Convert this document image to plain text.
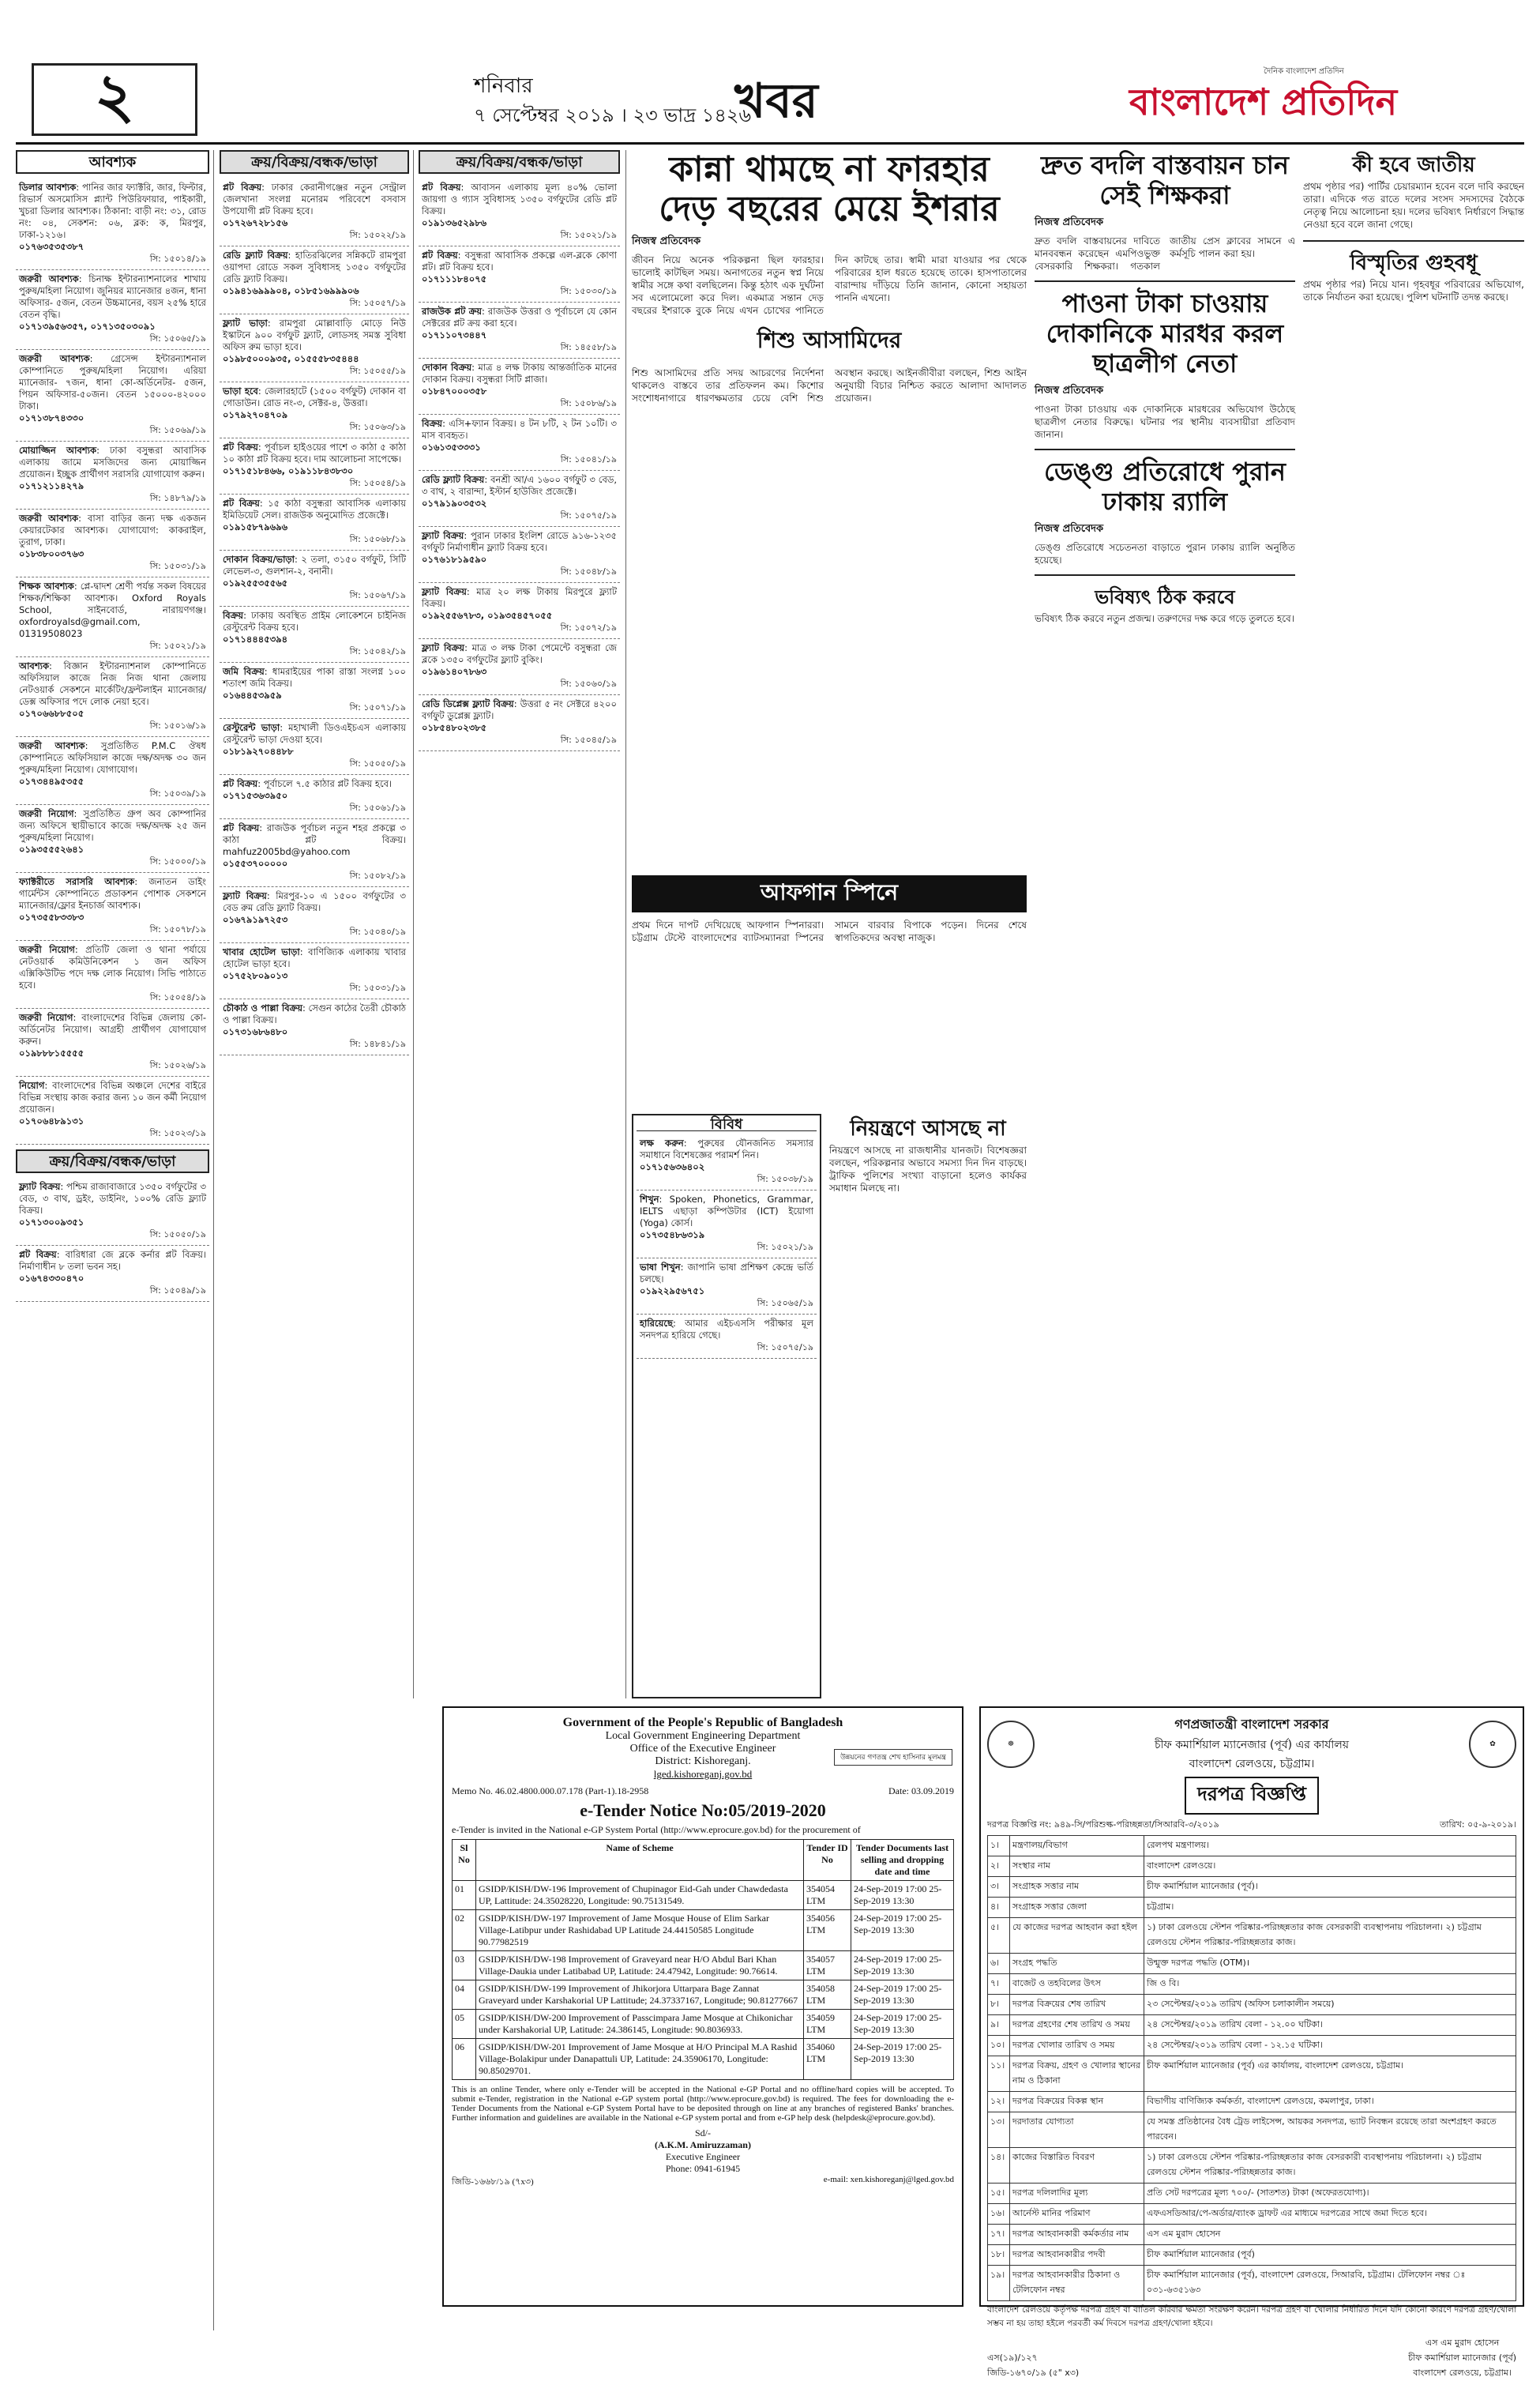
২	শনিবার
৭ সেপ্টেম্বর ২০১৯ । ২৩ ভাদ্র ১৪২৬
খবর
দৈনিক বাংলাদেশ প্রতিদিন
বাংলাদেশ প্রতিদিন
আবশ্যক
ডিলার আবশ্যক: পানির জার ফ্যাক্টরি, জার, ফিল্টার, রিভার্স অসমোসিস প্ল্যান্ট পিউরিফায়ার, পাইকারী, খুচরা ডিলার আবশ্যক। ঠিকানা: বাড়ী নং: ৩১, রোড নং: ০৪, সেকশন: ০৬, ব্লক: ক, মিরপুর, ঢাকা-১২১৬।
০১৭৬৩৫৩৫৩৮৭
সি: ১৫০১৪/১৯
জরুরী আবশ্যক: চিনাক্ষ ইন্টারন্যাশনালের শাখায় পুরুষ/মহিলা নিয়োগ। জুনিয়র ম্যানেজার ৪জন, ধানা অফিসার- ৫জন, বেতন উচ্চমানের, বয়স ২৫% হারে বেতন বৃদ্ধি।
০১৭১৩৯৫৬৩৫৭, ০১৭১৩৫০৩০৯১
সি: ১৫০৬৫/১৯
জরুরী আবশ্যক: গ্রেসেন্স ইন্টারন্যাশনাল কোম্পানিতে পুরুষ/মহিলা নিয়োগ। এরিয়া ম্যানেজার- ৭জন, ধানা কো-অর্ডিনেটর- ৫জন, পিয়ন অফিসার-৫০জন। বেতন ১৫০০০-৪২০০০ টাকা।
০১৭১৩৮৭৪৩৩০
সি: ১৫০৬৯/১৯
মোয়াজ্জিন আবশ্যক: ঢাকা বসুন্ধরা আবাসিক এলাকায় জামে মসজিদের জন্য মোয়াজ্জিন প্রয়োজন। ইচ্ছুক প্রার্থীগণ সরাসরি যোগাযোগ করুন।
০১৭১২১১৪২৭৯
সি: ১৪৮৭৯/১৯
জরুরী আবশ্যক: বাসা বাড়ির জন্য দক্ষ একজন কেয়ারটেকার আবশ্যক। যোগাযোগ: কাকরাইল, তুরাগ, ঢাকা।
০১৮৩৮০০৩৭৬৩
সি: ১৫০৩১/১৯
শিক্ষক আবশ্যক: প্লে-দ্বাদশ শ্রেণী পর্যন্ত সকল বিষয়ের শিক্ষক/শিক্ষিকা আবশ্যক। Oxford Royals School, সাইনবোর্ড, নারায়ণগঞ্জ। oxfordroyalsd@gmail.com, 01319508023
সি: ১৫০২১/১৯
আবশ্যক: বিজ্ঞান ইন্টারন্যাশনাল কোম্পানিতে অফিসিয়াল কাজে নিজ নিজ থানা জেলায় নেটওয়ার্ক সেকশনে মার্কেটিং/ফ্রন্টলাইন ম্যানেজার/ডেক্স অফিসার পদে লোক নেয়া হবে।
০১৭০৬৬৮৮৫০৫
সি: ১৫০১৬/১৯
জরুরী আবশ্যক: সুপ্রতিষ্ঠিত P.M.C ঔষধ কোম্পানিতে অফিসিয়াল কাজে দক্ষ/অদক্ষ ৩০ জন পুরুষ/মহিলা নিয়োগ। যোগাযোগ।
০১৭৩৪৪৯৫৩৫৫
সি: ১৫০৩৯/১৯
জরুরী নিয়োগ: সুপ্রতিষ্ঠিত গ্রুপ অব কোম্পানির জন্য অফিসে স্থায়ীভাবে কাজে দক্ষ/অদক্ষ ২৫ জন পুরুষ/মহিলা নিয়োগ।
০১৯৩৫৫৫২৬৪১
সি: ১৫০০০/১৯
ফ্যাক্টরীতে সরাসরি আবশ্যক: জনাতন ডাইং গার্মেন্টস কোম্পানিতে প্রডাকশন পোশাক সেকশনে ম্যানেজার/ফ্লোর ইনচার্জ আবশ্যক।
০১৭৩৫৫৮৩৩৮৩
সি: ১৫০৭৮/১৯
জরুরী নিয়োগ: প্রতিটি জেলা ও থানা পর্যায়ে নেটওয়ার্ক কমিউনিকেশন ১ জন অফিস এক্সিকিউটিভ পদে দক্ষ লোক নিয়োগ। সিভি পাঠাতে হবে।
সি: ১৫০৫৪/১৯
জরুরী নিয়োগ: বাংলাদেশের বিভিন্ন জেলায় কো-অর্ডিনেটর নিয়োগ। আগ্রহী প্রার্থীগণ যোগাযোগ করুন।
০১৯৮৮৮১৫৫৫৫
সি: ১৫০২৬/১৯
নিয়োগ: বাংলাদেশের বিভিন্ন অঞ্চলে দেশের বাইরে বিভিন্ন সংস্থায় কাজ করার জন্য ১০ জন কর্মী নিয়োগ প্রয়োজন।
০১৭০৬৪৮৯১৩১
সি: ১৫০২৩/১৯
ক্রয়/বিক্রয়/বন্ধক/ভাড়া
ফ্ল্যাট বিক্রয়: পশ্চিম রাজাবাজারে ১৩৫০ বর্গফুটের ৩ বেড, ৩ বাথ, ড্রইং, ডাইনিং, ১০০% রেডি ফ্ল্যাট বিক্রয়।
০১৭১৩০০৯৩৫১
সি: ১৫০৫০/১৯
প্লট বিক্রয়: বারিধারা জে ব্লকে কর্নার প্লট বিক্রয়। নির্মাণাধীন ৮ তলা ভবন সহ।
০১৬৭৪৩৩০৪৭০
সি: ১৫০৪৯/১৯
ক্রয়/বিক্রয়/বন্ধক/ভাড়া
প্লট বিক্রয়: ঢাকার কেরানীগঞ্জের নতুন সেন্ট্রাল জেলখানা সংলগ্ন মনোরম পরিবেশে বসবাস উপযোগী প্লট বিক্রয় হবে।
০১৭২৬৭২৮১৫৬
সি: ১৫০২২/১৯
রেডি ফ্ল্যাট বিক্রয়: হাতিরঝিলের সন্নিকটে রামপুরা ওয়াপদা রোডে সকল সুবিধাসহ ১৩৫০ বর্গফুটের রেডি ফ্ল্যাট বিক্রয়।
০১৯৪১৬৯৯৯০৪, ০১৮৫১৬৯৯৯০৬
সি: ১৫০৫৭/১৯
ফ্ল্যাট ভাড়া: রামপুরা মোল্লাবাড়ি মোড়ে নিউ ইস্কাটনে ৯০০ বর্গফুট ফ্ল্যাট, লোডসহ সমস্ত সুবিধা অফিস রুম ভাড়া হবে।
০১৯৮৫০০০৯৩৫, ০১৫৫৫৮৩৫৪৪৪
সি: ১৫০৫৫/১৯
ভাড়া হবে: জেলারহাটে (১৫০০ বর্গফুট) দোকান বা গোডাউন। রোড নং-৩, সেক্টর-৪, উত্তরা।
০১৭৯২৭০৪৭০৯
সি: ১৫০৬৩/১৯
প্লট বিক্রয়: পূর্বাচল হাইওয়ের পাশে ৩ কাঠা ৫ কাঠা ১০ কাঠা প্লট বিক্রয় হবে। দাম আলোচনা সাপেক্ষে।
০১৭১৫১৮৪৬৬, ০১৯১১৮৪৩৮৩০
সি: ১৫০৫৪/১৯
প্লট বিক্রয়: ১৫ কাঠা বসুন্ধরা আবাসিক এলাকায় ইমিডিয়েট সেল। রাজউক অনুমোদিত প্রজেক্টে।
০১৯১৫৮৭৯৬৯৬
সি: ১৫০৬৮/১৯
দোকান বিক্রয়/ভাড়া: ২ তলা, ৩১৫০ বর্গফুট, সিটি লেভেল-৩, গুলশান-২, বনানী।
০১৯২৫৫৩৫৫৬৫
সি: ১৫০৬৭/১৯
বিক্রয়: ঢাকায় অবস্থিত প্রাইম লোকেশনে চাইনিজ রেস্টুরেন্ট বিক্রয় হবে।
০১৭১৪৪৪৫৩৯৪
সি: ১৫০৪২/১৯
জমি বিক্রয়: ধামরাইয়ের পাকা রাস্তা সংলগ্ন ১০০ শতাংশ জমি বিক্রয়।
০১৬৪৪৫৩৯৫৯
সি: ১৫০৭১/১৯
রেস্টুরেন্ট ভাড়া: মহাখালী ডিওএইচএস এলাকায় রেস্টুরেন্ট ভাড়া দেওয়া হবে।
০১৮১৯২৭০৪৪৮৮
সি: ১৫০৫০/১৯
প্লট বিক্রয়: পূর্বাচলে ৭.৫ কাঠার প্লট বিক্রয় হবে।
০১৭১৫৩৬৩৯৫০
সি: ১৫০৬১/১৯
প্লট বিক্রয়: রাজউক পূর্বাচল নতুন শহর প্রকল্পে ৩ কাঠা প্লট বিক্রয়। mahfuz2005bd@yahoo.com
০১৫৫৩৭০০০০০
সি: ১৫০৮২/১৯
ফ্ল্যাট বিক্রয়: মিরপুর-১০ এ ১৫০০ বর্গফুটের ৩ বেড রুম রেডি ফ্ল্যাট বিক্রয়।
০১৬৭৯১৯৭২৫৩
সি: ১৫০৪০/১৯
খাবার হোটেল ভাড়া: বাণিজ্যিক এলাকায় খাবার হোটেল ভাড়া হবে।
০১৭৫২৮০৯০১৩
সি: ১৫০৩১/১৯
চৌকাঠ ও পাল্লা বিক্রয়: সেগুন কাঠের তৈরী চৌকাঠ ও পাল্লা বিক্রয়।
০১৭৩১৬৮৬৪৮০
সি: ১৪৮৪১/১৯
ক্রয়/বিক্রয়/বন্ধক/ভাড়া
প্লট বিক্রয়: আবাসন এলাকায় মূল্য ৪০% ভোলা জায়গা ও গ্যাস সুবিধাসহ ১৩৫০ বর্গফুটের রেডি প্লট বিক্রয়।
০১৯১৩৬৫২৯৮৬
সি: ১৫০২১/১৯
প্লট বিক্রয়: বসুন্ধরা আবাসিক প্রকল্পে এল-ব্লকে কোণা প্লট। প্লট বিক্রয় হবে।
০১৭১১১৮৪০৭৫
সি: ১৫০৩০/১৯
রাজউক প্লট ক্রয়: রাজউক উত্তরা ও পূর্বাচলে যে কোন সেক্টরের প্লট ক্রয় করা হবে।
০১৭১১০৭৩৪৪৭
সি: ১৪৫৫৮/১৯
দোকান বিক্রয়: মাত্র ৪ লক্ষ টাকায় আন্তর্জাতিক মানের দোকান বিক্রয়। বসুন্ধরা সিটি প্লাজা।
০১৮৪৭০০০৩৫৮
সি: ১৫০৮৬/১৯
বিক্রয়: এসি+ফ্যান বিক্রয়। ৪ টন ৮টি, ২ টন ১০টি। ৩ মাস ব্যবহৃত।
০১৬১৩৫৩৩৩১
সি: ১৫০৪১/১৯
রেডি ফ্ল্যাট বিক্রয়: বনশ্রী আ/এ ১৬০০ বর্গফুট ৩ বেড, ৩ বাথ, ২ বারান্দা, ইস্টার্ন হাউজিং প্রজেক্টে।
০১৭৯১৯০৩৫৩২
সি: ১৫০৭৫/১৯
ফ্ল্যাট বিক্রয়: পুরান ঢাকার ইংলিশ রোডে ৯১৬-১২৩৫ বর্গফুট নির্মাণাধীন ফ্ল্যাট বিক্রয় হবে।
০১৭৬১৮১৯৫৯০
সি: ১৫০৪৮/১৯
ফ্ল্যাট বিক্রয়: মাত্র ২০ লক্ষ টাকায় মিরপুরে ফ্ল্যাট বিক্রয়।
০১৯২৫৫৬৭৮৩, ০১৯৩৫৪৫৭০৫৫
সি: ১৫০৭২/১৯
ফ্ল্যাট বিক্রয়: মাত্র ৩ লক্ষ টাকা পেমেন্টে বসুন্ধরা জে ব্লকে ১৩৫০ বর্গফুটের ফ্ল্যাট বুকিং।
০১৯৬১৪০৭৮৬৩
সি: ১৫০৬০/১৯
রেডি ডিপ্লেক্স ফ্ল্যাট বিক্রয়: উত্তরা ৫ নং সেক্টরে ৪২০০ বর্গফুট ডুপ্লেক্স ফ্ল্যাট।
০১৮৫৪৮০২৩৮৫
সি: ১৫০৪৫/১৯
কান্না থামছে না ফারহার
দেড় বছরের মেয়ে ইশরার
নিজস্ব প্রতিবেদক
জীবন নিয়ে অনেক পরিকল্পনা ছিল ফারহার। ভালোই কাটছিল সময়। অনাগতের নতুন স্বপ্ন নিয়ে স্বামীর সঙ্গে কথা বলছিলেন। কিন্তু হঠাৎ এক দুর্ঘটনা সব এলোমেলো করে দিল। একমাত্র সন্তান দেড় বছরের ইশরাকে বুকে নিয়ে এখন চোখের পানিতে দিন কাটছে তার। স্বামী মারা যাওয়ার পর থেকে পরিবারের হাল ধরতে হয়েছে তাকে। হাসপাতালের বারান্দায় দাঁড়িয়ে তিনি জানান, কোনো সহায়তা পাননি এখনো।
শিশু আসামিদের
শিশু আসামিদের প্রতি সদয় আচরণের নির্দেশনা থাকলেও বাস্তবে তার প্রতিফলন কম। কিশোর সংশোধনাগারে ধারণক্ষমতার চেয়ে বেশি শিশু অবস্থান করছে। আইনজীবীরা বলছেন, শিশু আইন অনুযায়ী বিচার নিশ্চিত করতে আলাদা আদালত প্রয়োজন।
আফগান স্পিনে
প্রথম দিনে দাপট দেখিয়েছে আফগান স্পিনাররা। চট্টগ্রাম টেস্টে বাংলাদেশের ব্যাটসম্যানরা স্পিনের সামনে বারবার বিপাকে পড়েন। দিনের শেষে স্বাগতিকদের অবস্থা নাজুক।
বিবিধ
লক্ষ করুন: পুরুষের যৌনজনিত সমস্যার সমাধানে বিশেষজ্ঞের পরামর্শ নিন।
০১৭১৫৬৩৬৪০২
সি: ১৫০৩৮/১৯
শিখুন: Spoken, Phonetics, Grammar, IELTS এছাড়া কম্পিউটার (ICT) ইয়োগা (Yoga) কোর্স।
০১৭৩৫৪৮৬৩১৯
সি: ১৫০২১/১৯
ভাষা শিখুন: জাপানি ভাষা প্রশিক্ষণ কেন্দ্রে ভর্তি চলছে।
০১৯২২৯৫৬৭৫১
সি: ১৫০৬৫/১৯
হারিয়েছে: আমার এইচএসসি পরীক্ষার মূল সনদপত্র হারিয়ে গেছে।
সি: ১৫০৭৫/১৯
নিয়ন্ত্রণে আসছে না
নিয়ন্ত্রণে আসছে না রাজধানীর যানজট। বিশেষজ্ঞরা বলছেন, পরিকল্পনার অভাবে সমস্যা দিন দিন বাড়ছে। ট্রাফিক পুলিশের সংখ্যা বাড়ানো হলেও কার্যকর সমাধান মিলছে না।
দ্রুত বদলি বাস্তবায়ন চান সেই শিক্ষকরা
নিজস্ব প্রতিবেদক
দ্রুত বদলি বাস্তবায়নের দাবিতে মানববন্ধন করেছেন এমপিওভুক্ত বেসরকারি শিক্ষকরা। গতকাল জাতীয় প্রেস ক্লাবের সামনে এ কর্মসূচি পালন করা হয়।
পাওনা টাকা চাওয়ায় দোকানিকে মারধর করল ছাত্রলীগ নেতা
নিজস্ব প্রতিবেদক
পাওনা টাকা চাওয়ায় এক দোকানিকে মারধরের অভিযোগ উঠেছে ছাত্রলীগ নেতার বিরুদ্ধে। ঘটনার পর স্থানীয় ব্যবসায়ীরা প্রতিবাদ জানান।
ডেঙ্গু প্রতিরোধে পুরান ঢাকায় র‌্যালি
নিজস্ব প্রতিবেদক
ডেঙ্গু প্রতিরোধে সচেতনতা বাড়াতে পুরান ঢাকায় র‌্যালি অনুষ্ঠিত হয়েছে।
ভবিষ্যৎ ঠিক করবে
ভবিষ্যৎ ঠিক করবে নতুন প্রজন্ম। তরুণদের দক্ষ করে গড়ে তুলতে হবে।
কী হবে জাতীয়
প্রথম পৃষ্ঠার পর) পার্টির চেয়ারম্যান হবেন বলে দাবি করছেন তারা। এদিকে গত রাতে দলের সংসদ সদস্যদের বৈঠকে নেতৃত্ব নিয়ে আলোচনা হয়। দলের ভবিষ্যৎ নির্ধারণে সিদ্ধান্ত নেওয়া হবে বলে জানা গেছে।
বিস্মৃতির গুহবধূ
প্রথম পৃষ্ঠার পর) নিয়ে যান। গৃহবধূর পরিবারের অভিযোগ, তাকে নির্যাতন করা হয়েছে। পুলিশ ঘটনাটি তদন্ত করছে।
Government of the People's Republic of Bangladesh
Local Government Engineering Department
Office of the Executive Engineer
District: Kishoreganj.
lged.kishoreganj.gov.bd
উন্নয়নের গণতন্ত্র শেখ হাসিনার মূলমন্ত্র
Memo No. 46.02.4800.000.07.178 (Part-1).18-2958	Date: 03.09.2019
e-Tender Notice No:05/2019-2020
e-Tender is invited in the National e-GP System Portal (http://www.eprocure.gov.bd) for the procurement of
Sl No	Name of Scheme	Tender ID No	Tender Documents last selling and dropping date and time
01	GSIDP/KISH/DW-196 Improvement of Chupinagor Eid-Gah under Chawdedasta UP, Lattitude: 24.35028220, Longitude: 90.75131549.	354054 LTM	24-Sep-2019 17:00 25-Sep-2019 13:30
02	GSIDP/KISH/DW-197 Improvement of Jame Mosque House of Elim Sarkar Village-Latibpur under Rashidabad UP Latitude 24.44150585 Longitude 90.77982519	354056 LTM	24-Sep-2019 17:00 25-Sep-2019 13:30
03	GSIDP/KISH/DW-198 Improvement of Graveyard near H/O Abdul Bari Khan Village-Daukia under Latibabad UP, Latitude: 24.47942, Longitude: 90.76614.	354057 LTM	24-Sep-2019 17:00 25-Sep-2019 13:30
04	GSIDP/KISH/DW-199 Improvement of Jhikorjora Uttarpara Bage Zannat Graveyard under Karshakorial UP Lattitude; 24.37337167, Longitude; 90.81277667	354058 LTM	24-Sep-2019 17:00 25-Sep-2019 13:30
05	GSIDP/KISH/DW-200 Improvement of Passcimpara Jame Mosque at Chikonichar under Karshakorial UP, Latitude: 24.386145, Longitude: 90.8036933.	354059 LTM	24-Sep-2019 17:00 25-Sep-2019 13:30
06	GSIDP/KISH/DW-201 Improvement of Jame Mosque at H/O Principal M.A Rashid Village-Bolakipur under Danapattuli UP, Latitude: 24.35906170, Longitude: 90.85029701.	354060 LTM	24-Sep-2019 17:00 25-Sep-2019 13:30
This is an online Tender, where only e-Tender will be accepted in the National e-GP Portal and no offline/hard copies will be accepted. To submit e-Tender, registration in the National e-GP system portal (http://www.eprocure.gov.bd) is required. The fees for downloading the e-Tender Documents from the National e-GP System Portal have to be deposited through on line at any branches of registered Banks' branches. Further information and guidelines are available in the National e-GP system portal and from e-GP help desk (helpdesk@eprocure.gov.bd).
Sd/-
(A.K.M. Amiruzzaman)
Executive Engineer
Phone: 0941-61945
জিডি-১৬৬৮/১৯ (৭x৩)	e-mail: xen.kishoreganj@lged.gov.bd
☸
গণপ্রজাতন্ত্রী বাংলাদেশ সরকার
চীফ কমার্শিয়াল ম্যানেজার (পূর্ব) এর কার্যালয়
বাংলাদেশ রেলওয়ে, চট্টগ্রাম।
✿
দরপত্র বিজ্ঞপ্তি
দরপত্র বিজ্ঞপ্তি নং: ৯৪৯-সি/পরিশুল্ক-পরিচ্ছন্নতা/সিআরবি-৩/২০১৯	তারিখ: ০৫-৯-২০১৯।
১।	মন্ত্রণালয়/বিভাগ	রেলপথ মন্ত্রণালয়।
২।	সংস্থার নাম	বাংলাদেশ রেলওয়ে।
৩।	সংগ্রাহক সত্তার নাম	চীফ কমার্শিয়াল ম্যানেজার (পূর্ব)।
৪।	সংগ্রাহক সত্তার জেলা	চট্টগ্রাম।
৫।	যে কাজের দরপত্র আহবান করা হইল	১) ঢাকা রেলওয়ে স্টেশন পরিষ্কার-পরিচ্ছন্নতার কাজ বেসরকারী ব্যবস্থাপনায় পরিচালনা। ২) চট্টগ্রাম রেলওয়ে স্টেশন পরিষ্কার-পরিচ্ছন্নতার কাজ।
৬।	সংগ্রহ পদ্ধতি	উন্মুক্ত দরপত্র পদ্ধতি (OTM)।
৭।	বাজেট ও তহবিলের উৎস	জি ও বি।
৮।	দরপত্র বিক্রয়ের শেষ তারিখ	২৩ সেপ্টেম্বর/২০১৯ তারিখ (অফিস চলাকালীন সময়ে)
৯।	দরপত্র গ্রহণের শেষ তারিখ ও সময়	২৪ সেপ্টেম্বর/২০১৯ তারিখ বেলা - ১২.০০ ঘটিকা।
১০।	দরপত্র খোলার তারিখ ও সময়	২৪ সেপ্টেম্বর/২০১৯ তারিখ বেলা - ১২.১৫ ঘটিকা।
১১।	দরপত্র বিক্রয়, গ্রহণ ও খোলার স্থানের নাম ও ঠিকানা	চীফ কমার্শিয়াল ম্যানেজার (পূর্ব) এর কার্যালয়, বাংলাদেশ রেলওয়ে, চট্টগ্রাম।
১২।	দরপত্র বিক্রয়ের বিকল্প স্থান	বিভাগীয় বাণিজ্যিক কর্মকর্তা, বাংলাদেশ রেলওয়ে, কমলাপুর, ঢাকা।
১৩।	দরদাতার যোগ্যতা	যে সমস্ত প্রতিষ্ঠানের বৈধ ট্রেড লাইসেন্স, আয়কর সনদপত্র, ভ্যাট নিবন্ধন রয়েছে তারা অংশগ্রহণ করতে পারবেন।
১৪।	কাজের বিস্তারিত বিবরণ	১) ঢাকা রেলওয়ে স্টেশন পরিষ্কার-পরিচ্ছন্নতার কাজ বেসরকারী ব্যবস্থাপনায় পরিচালনা। ২) চট্টগ্রাম রেলওয়ে স্টেশন পরিষ্কার-পরিচ্ছন্নতার কাজ।
১৫।	দরপত্র দলিলাদির মূল্য	প্রতি সেট দরপত্রের মূল্য ৭০০/- (সাতশত) টাকা (অফেরতযোগ্য)।
১৬।	আর্নেস্ট মানির পরিমাণ	এফএসডিআর/পে-অর্ডার/ব্যাংক ড্রাফট এর মাধ্যমে দরপত্রের সাথে জমা দিতে হবে।
১৭।	দরপত্র আহবানকারী কর্মকর্তার নাম	এস এম মুরাদ হোসেন
১৮।	দরপত্র আহবানকারীর পদবী	চীফ কমার্শিয়াল ম্যানেজার (পূর্ব)
১৯।	দরপত্র আহবানকারীর ঠিকানা ও টেলিফোন নম্বর	চীফ কমার্শিয়াল ম্যানেজার (পূর্ব), বাংলাদেশ রেলওয়ে, সিআরবি, চট্টগ্রাম। টেলিফোন নম্বর ঃ ০৩১-৬৩৫১৬৩
বাংলাদেশ রেলওয়ে কর্তৃপক্ষ দরপত্র গ্রহণ বা বাতিল করিবার ক্ষমতা সংরক্ষণ করেন। দরপত্র গ্রহণ বা খোলার নির্ধারিত দিনে যদি কোনো কারণে দরপত্র গ্রহণ/খোলা সম্ভব না হয় তাহা হইলে পরবর্তী কর্ম দিবসে দরপত্র গ্রহণ/খোলা হইবে।
এস(১৯)/১২৭
জিডি-১৬৭০/১৯ (৫" x৩)
এস এম মুরাদ হোসেন
চীফ কমার্শিয়াল ম্যানেজার (পূর্ব)
বাংলাদেশ রেলওয়ে, চট্টগ্রাম।
